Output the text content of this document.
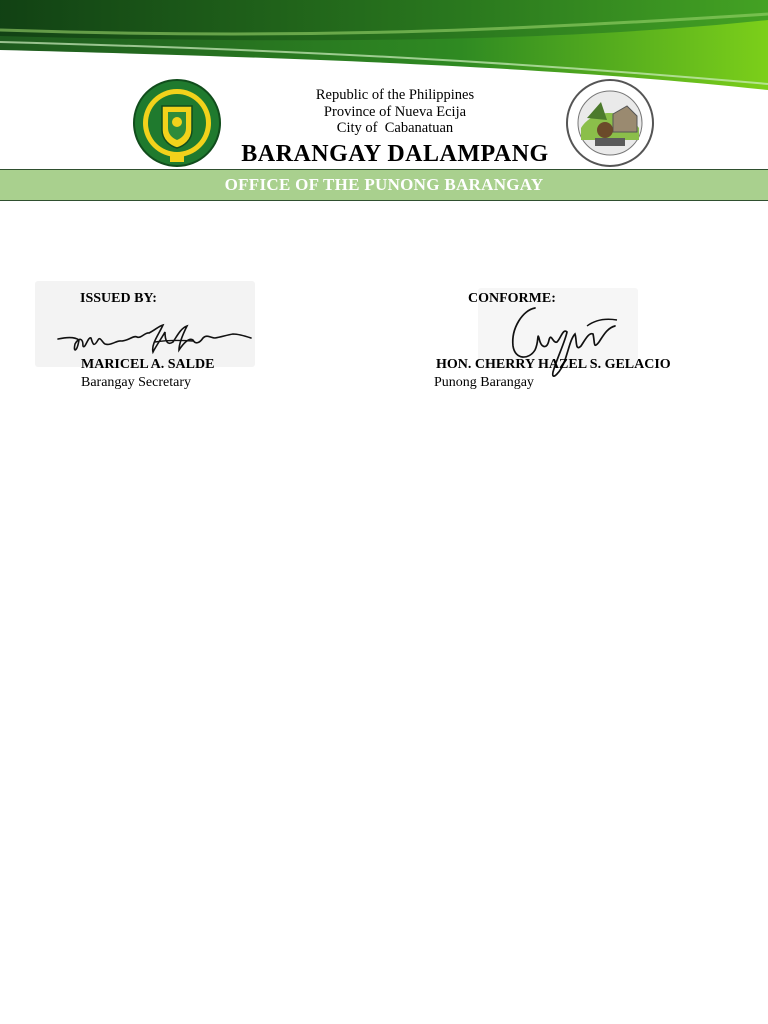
Republic of the Philippines
Province of Nueva Ecija
City of  Cabanatuan
BARANGAY DALAMPANG
OFFICE OF THE PUNONG BARANGAY
ISSUED BY:
MARICEL A. SALDE
Barangay Secretary
CONFORME:
HON. CHERRY HAZEL S. GELACIO
Punong Barangay
